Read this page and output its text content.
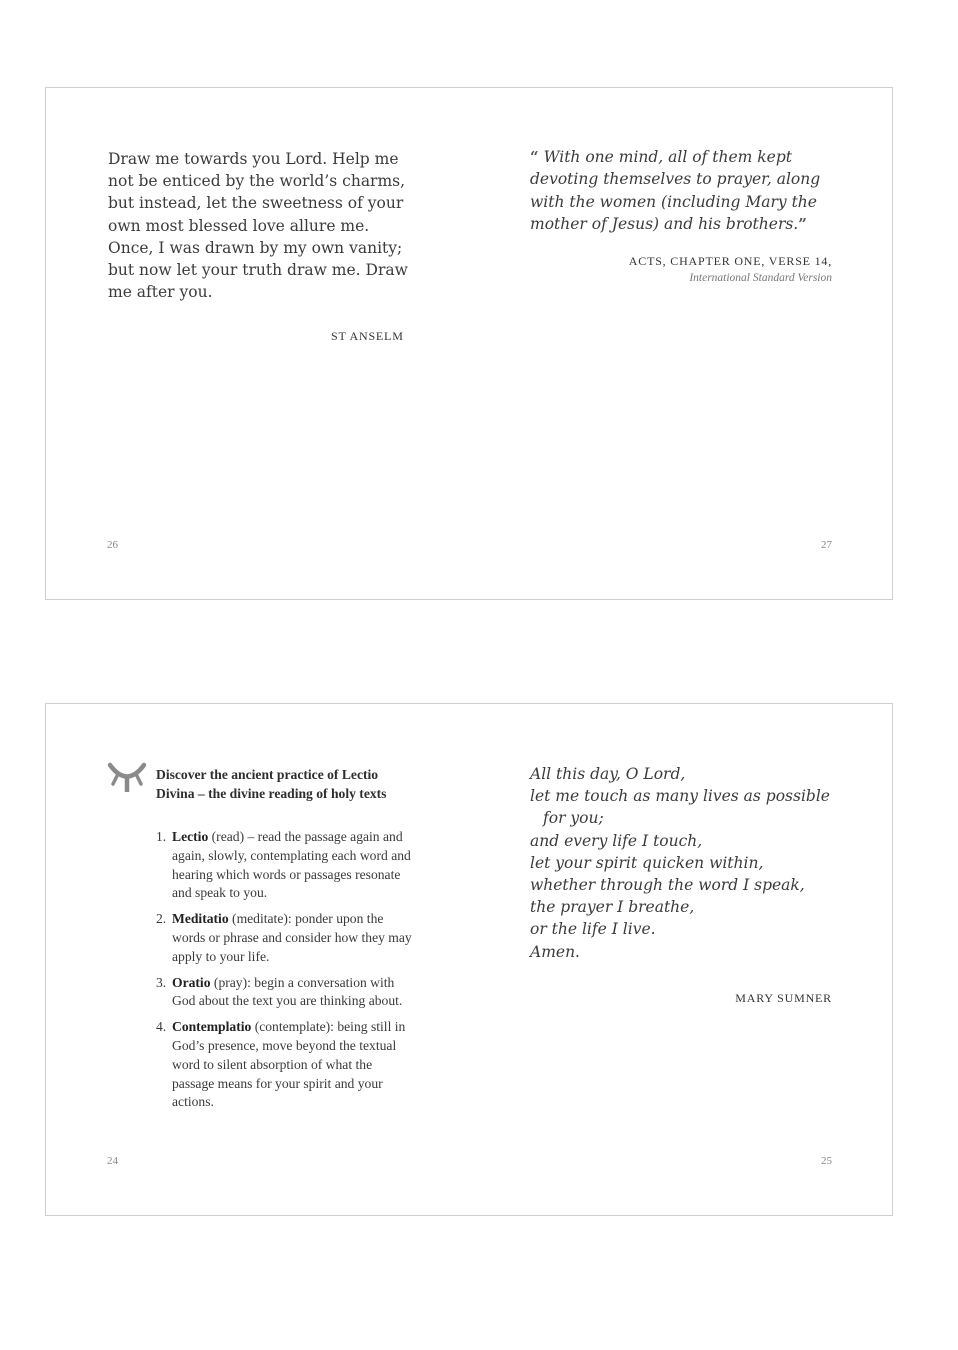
Draw me towards you Lord. Help me not be enticed by the world’s charms, but instead, let the sweetness of your own most blessed love allure me. Once, I was drawn by my own vanity; but now let your truth draw me. Draw me after you.
ST ANSELM
26
“ With one mind, all of them kept devoting themselves to prayer, along with the women (including Mary the mother of Jesus) and his brothers.”
ACTS, CHAPTER ONE, VERSE 14,
International Standard Version
27
Discover the ancient practice of Lectio Divina – the divine reading of holy texts
1. Lectio (read) – read the passage again and again, slowly, contemplating each word and hearing which words or passages resonate and speak to you.
2. Meditatio (meditate): ponder upon the words or phrase and consider how they may apply to your life.
3. Oratio (pray): begin a conversation with God about the text you are thinking about.
4. Contemplatio (contemplate): being still in God’s presence, move beyond the textual word to silent absorption of what the passage means for your spirit and your actions.
24
All this day, O Lord,
let me touch as many lives as possible
for you;
and every life I touch,
let your spirit quicken within,
whether through the word I speak,
the prayer I breathe,
or the life I live.
Amen.
MARY SUMNER
25
